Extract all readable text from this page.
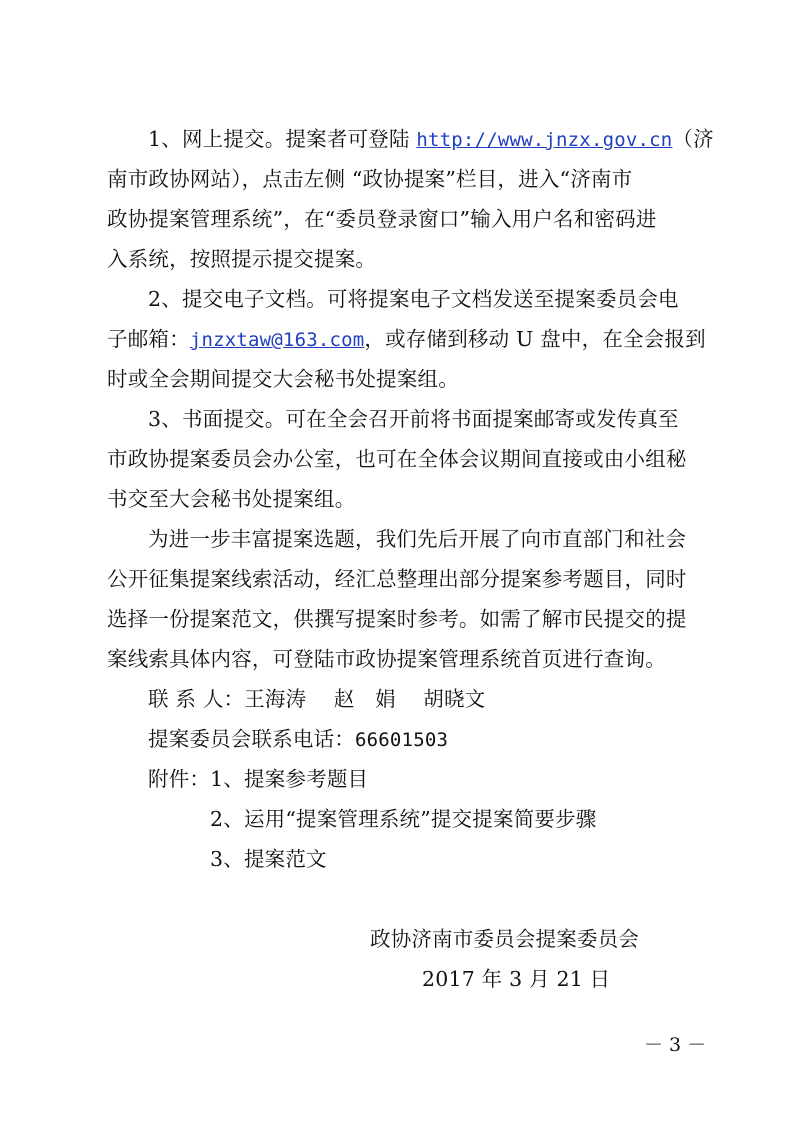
1、网上提交。提案者可登陆 http://www.jnzx.gov.cn（济
南市政协网站），点击左侧 “政协提案”栏目，进入“济南市
政协提案管理系统”，在“委员登录窗口”输入用户名和密码进
入系统，按照提示提交提案。
2、提交电子文档。可将提案电子文档发送至提案委员会电
子邮箱：jnzxtaw@163.com，或存储到移动 U 盘中，在全会报到
时或全会期间提交大会秘书处提案组。
3、书面提交。可在全会召开前将书面提案邮寄或发传真至
市政协提案委员会办公室，也可在全体会议期间直接或由小组秘
书交至大会秘书处提案组。
为进一步丰富提案选题，我们先后开展了向市直部门和社会
公开征集提案线索活动，经汇总整理出部分提案参考题目，同时
选择一份提案范文，供撰写提案时参考。如需了解市民提交的提
案线索具体内容，可登陆市政协提案管理系统首页进行查询。
联 系 人：王海涛　 赵　娟　 胡晓文
提案委员会联系电话：66601503
附件：1、提案参考题目
2、运用“提案管理系统”提交提案简要步骤
3、提案范文
政协济南市委员会提案委员会
2017 年 3 月 21 日
－ 3 －
